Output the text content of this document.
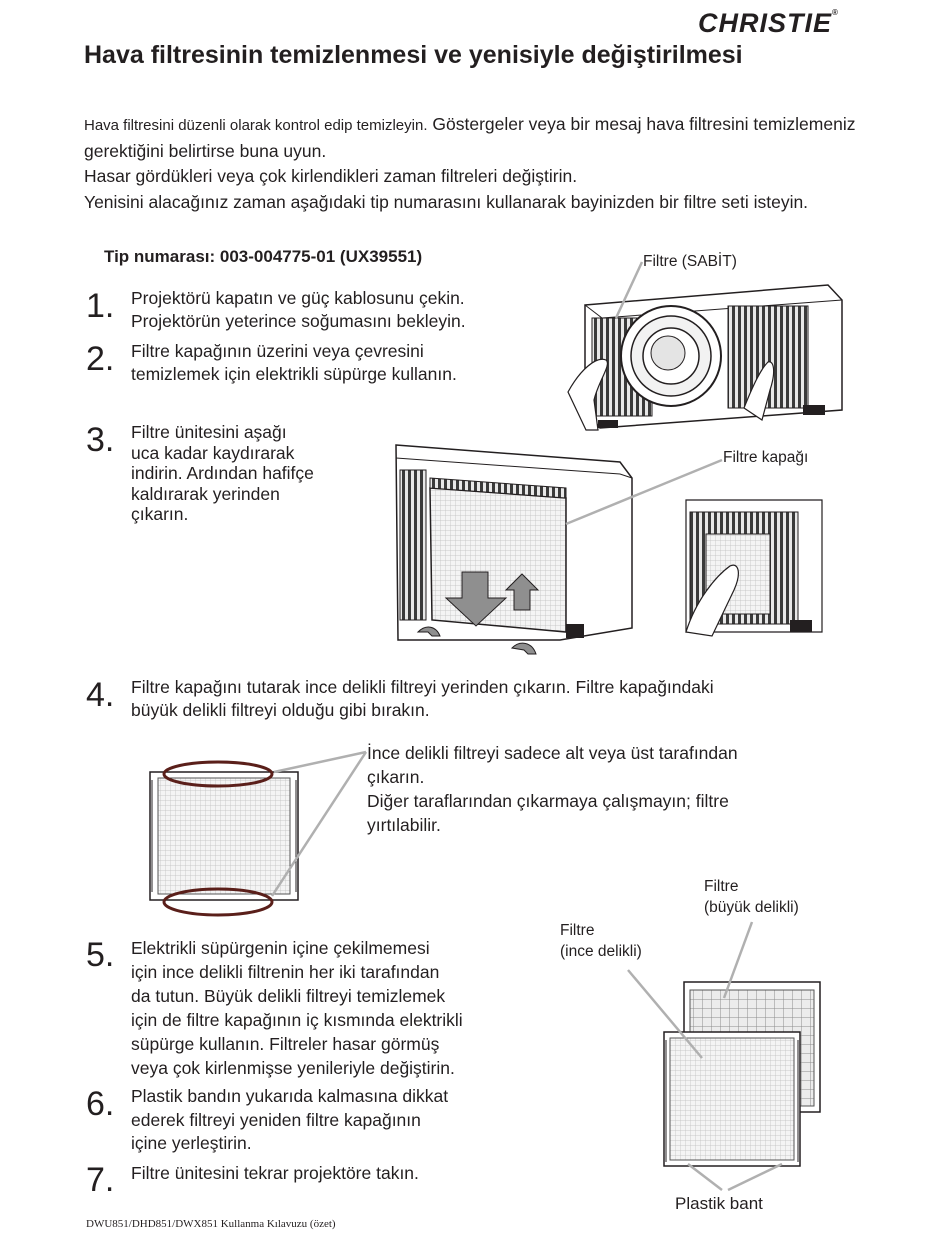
CHRISTIE®
Hava filtresinin temizlenmesi ve yenisiyle değiştirilmesi
Hava filtresini düzenli olarak kontrol edip temizleyin. Göstergeler veya bir mesaj hava filtresini temizlemeniz gerektiğini belirtirse buna uyun.
Hasar gördükleri veya çok kirlendikleri zaman filtreleri değiştirin.
Yenisini alacağınız zaman aşağıdaki tip numarasını kullanarak bayinizden bir filtre seti isteyin.
Tip numarası: 003-004775-01 (UX39551)
1. Projektörü kapatın ve güç kablosunu çekin.
Projektörün yeterince soğumasını bekleyin.
2. Filtre kapağının üzerini veya çevresini
temizlemek için elektrikli süpürge kullanın.
3. Filtre ünitesini aşağı
uca kadar kaydırarak
indirin. Ardından hafifçe
kaldırarak yerinden
çıkarın.
4. Filtre kapağını tutarak ince delikli filtreyi yerinden çıkarın. Filtre kapağındaki
büyük delikli filtreyi olduğu gibi bırakın.
5. Elektrikli süpürgenin içine çekilmemesi
için ince delikli filtrenin her iki tarafından
da tutun. Büyük delikli filtreyi temizlemek
için de filtre kapağının iç kısmında elektrikli
süpürge kullanın. Filtreler hasar görmüş
veya çok kirlenmişse yenileriyle değiştirin.
6. Plastik bandın yukarıda kalmasına dikkat
ederek filtreyi yeniden filtre kapağının
içine yerleştirin.
7. Filtre ünitesini tekrar projektöre takın.
Filtre (SABİT)
Filtre kapağı
İnce delikli filtreyi sadece alt veya üst tarafından
çıkarın.
Diğer taraflarından çıkarmaya çalışmayın; filtre
yırtılabilir.
Filtre
(büyük delikli)
Filtre
(ince delikli)
Plastik bant
DWU851/DHD851/DWX851 Kullanma Kılavuzu (özet)
